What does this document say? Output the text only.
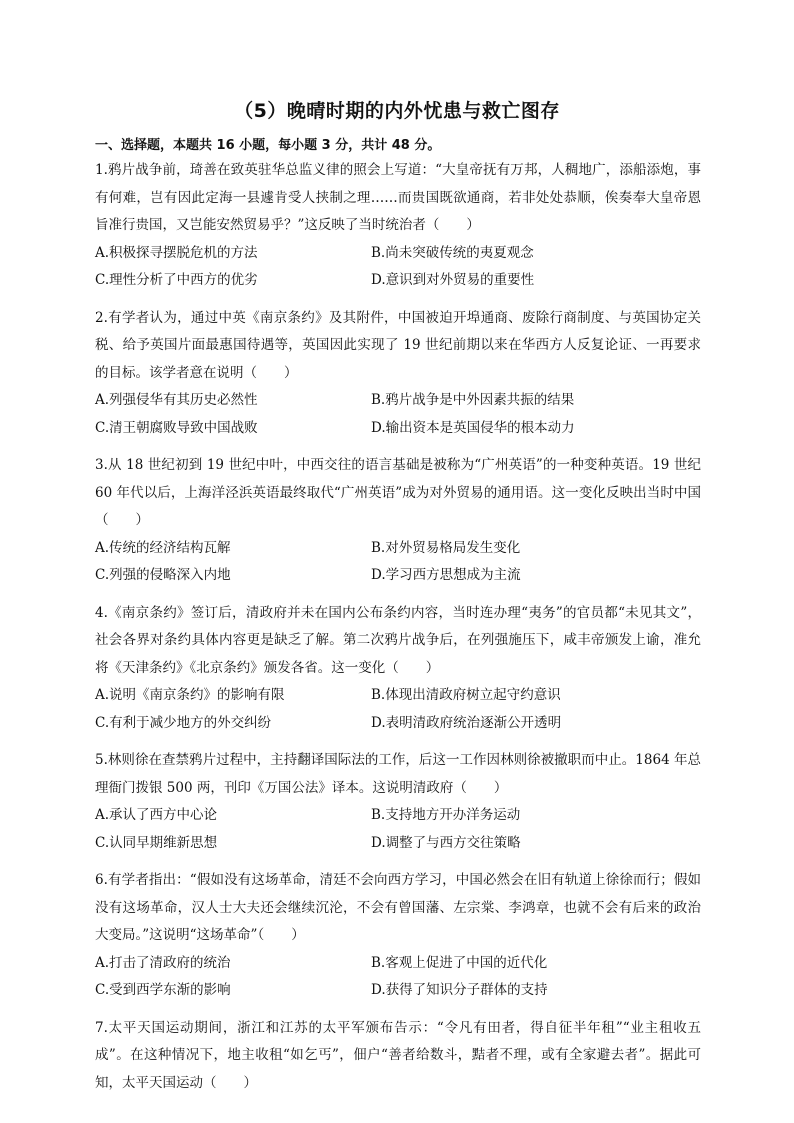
（5）晚晴时期的内外忧患与救亡图存
一、选择题，本题共 16 小题，每小题 3 分，共计 48 分。

1.鸦片战争前，琦善在致英驻华总监义律的照会上写道：“大皇帝抚有万邦，人稠地广，添船添炮，事有何难，岂有因此定海一县遽肯受人挟制之理……而贵国既欲通商，若非处处恭顺，俟奏奉大皇帝恩旨准行贵国，又岂能安然贸易乎？”这反映了当时统治者（　　）

A.积极探寻摆脱危机的方法	B.尚未突破传统的夷夏观念
C.理性分析了中西方的优劣	D.意识到对外贸易的重要性

2.有学者认为，通过中英《南京条约》及其附件，中国被迫开埠通商、废除行商制度、与英国协定关税、给予英国片面最惠国待遇等，英国因此实现了 19 世纪前期以来在华西方人反复论证、一再要求的目标。该学者意在说明（　　）

A.列强侵华有其历史必然性	B.鸦片战争是中外因素共振的结果
C.清王朝腐败导致中国战败	D.输出资本是英国侵华的根本动力

3.从 18 世纪初到 19 世纪中叶，中西交往的语言基础是被称为“广州英语”的一种变种英语。19 世纪 60 年代以后，上海洋泾浜英语最终取代“广州英语”成为对外贸易的通用语。这一变化反映出当时中国（　　）

A.传统的经济结构瓦解	B.对外贸易格局发生变化
C.列强的侵略深入内地	D.学习西方思想成为主流

4.《南京条约》签订后，清政府并未在国内公布条约内容，当时连办理“夷务”的官员都“未见其文”，社会各界对条约具体内容更是缺乏了解。第二次鸦片战争后，在列强施压下，咸丰帝颁发上谕，准允将《天津条约》《北京条约》颁发各省。这一变化（　　）

A.说明《南京条约》的影响有限	B.体现出清政府树立起守约意识
C.有利于减少地方的外交纠纷	D.表明清政府统治逐渐公开透明

5.林则徐在查禁鸦片过程中，主持翻译国际法的工作，后这一工作因林则徐被撤职而中止。1864 年总理衙门拨银 500 两，刊印《万国公法》译本。这说明清政府（　　）

A.承认了西方中心论	B.支持地方开办洋务运动
C.认同早期维新思想	D.调整了与西方交往策略

6.有学者指出：“假如没有这场革命，清廷不会向西方学习，中国必然会在旧有轨道上徐徐而行；假如没有这场革命，汉人士大夫还会继续沉沦，不会有曾国藩、左宗棠、李鸿章，也就不会有后来的政治大变局。”这说明“这场革命”（　　）

A.打击了清政府的统治	B.客观上促进了中国的近代化
C.受到西学东渐的影响	D.获得了知识分子群体的支持

7.太平天国运动期间，浙江和江苏的太平军颁布告示：“令凡有田者，得自征半年租”“业主租收五成”。在这种情况下，地主收租“如乞丐”，佃户“善者给数斗，黠者不理，或有全家避去者”。据此可知，太平天国运动（　　）
